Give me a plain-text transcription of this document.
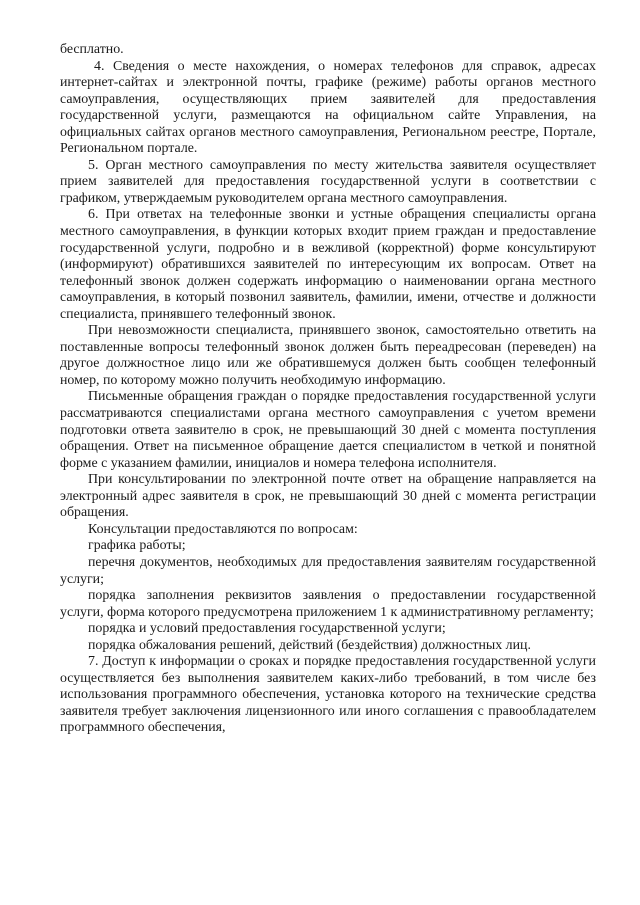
бесплатно.

4. Сведения о месте нахождения, о номерах телефонов для справок, адресах интернет-сайтах и электронной почты, графике (режиме) работы органов местного самоуправления, осуществляющих прием заявителей для предоставления государственной услуги, размещаются на официальном сайте Управления, на официальных сайтах органов местного самоуправления, Региональном реестре, Портале, Региональном портале.

5. Орган местного самоуправления по месту жительства заявителя осуществляет прием заявителей для предоставления государственной услуги в соответствии с графиком, утверждаемым руководителем органа местного самоуправления.

6. При ответах на телефонные звонки и устные обращения специалисты органа местного самоуправления, в функции которых входит прием граждан и предоставление государственной услуги, подробно и в вежливой (корректной) форме консультируют (информируют) обратившихся заявителей по интересующим их вопросам. Ответ на телефонный звонок должен содержать информацию о наименовании органа местного самоуправления, в который позвонил заявитель, фамилии, имени, отчестве и должности специалиста, принявшего телефонный звонок.

При невозможности специалиста, принявшего звонок, самостоятельно ответить на поставленные вопросы телефонный звонок должен быть переадресован (переведен) на другое должностное лицо или же обратившемуся должен быть сообщен телефонный номер, по которому можно получить необходимую информацию.

Письменные обращения граждан о порядке предоставления государственной услуги рассматриваются специалистами органа местного самоуправления с учетом времени подготовки ответа заявителю в срок, не превышающий 30 дней с момента поступления обращения. Ответ на письменное обращение дается специалистом в четкой и понятной форме с указанием фамилии, инициалов и номера телефона исполнителя.

При консультировании по электронной почте ответ на обращение направляется на электронный адрес заявителя в срок, не превышающий 30 дней с момента регистрации обращения.

Консультации предоставляются по вопросам:

графика работы;

перечня документов, необходимых для предоставления заявителям государственной услуги;

порядка заполнения реквизитов заявления о предоставлении государственной услуги, форма которого предусмотрена приложением 1 к административному регламенту;

порядка и условий предоставления государственной услуги;

порядка обжалования решений, действий (бездействия) должностных лиц.

7. Доступ к информации о сроках и порядке предоставления государственной услуги осуществляется без выполнения заявителем каких-либо требований, в том числе без использования программного обеспечения, установка которого на технические средства заявителя требует заключения лицензионного или иного соглашения с правообладателем программного обеспечения,
